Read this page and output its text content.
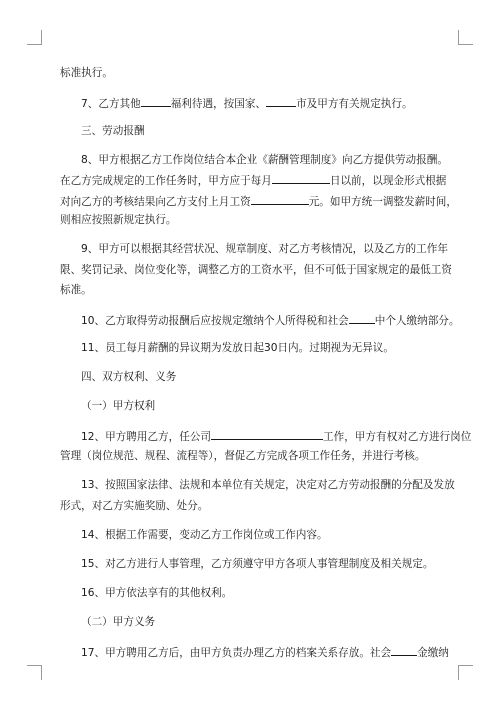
标准执行。
7、乙方其他	福利待遇，按国家、	市及甲方有关规定执行。
三、劳动报酬
8、甲方根据乙方工作岗位结合本企业《薪酬管理制度》向乙方提供劳动报酬。
在乙方完成规定的工作任务时，甲方应于每月	日以前，以现金形式根据
对向乙方的考核结果向乙方支付上月工资	元。如甲方统一调整发薪时间，
则相应按照新规定执行。
9、甲方可以根据其经营状况、规章制度、对乙方考核情况，以及乙方的工作年
限、奖罚记录、岗位变化等，调整乙方的工资水平，但不可低于国家规定的最低工资
标准。
10、乙方取得劳动报酬后应按规定缴纳个人所得税和社会 中个人缴纳部分。
11、员工每月薪酬的异议期为发放日起30日内。过期视为无异议。
四、双方权利、义务
（一）甲方权利
12、甲方聘用乙方，任公司	工作，甲方有权对乙方进行岗位
管理（岗位规范、规程、流程等），督促乙方完成各项工作任务，并进行考核。
13、按照国家法律、法规和本单位有关规定，决定对乙方劳动报酬的分配及发放
形式，对乙方实施奖励、处分。
14、根据工作需要，变动乙方工作岗位或工作内容。
15、对乙方进行人事管理，乙方须遵守甲方各项人事管理制度及相关规定。
16、甲方依法享有的其他权利。
（二）甲方义务
17、甲方聘用乙方后，由甲方负责办理乙方的档案关系存放。社会 金缴纳
